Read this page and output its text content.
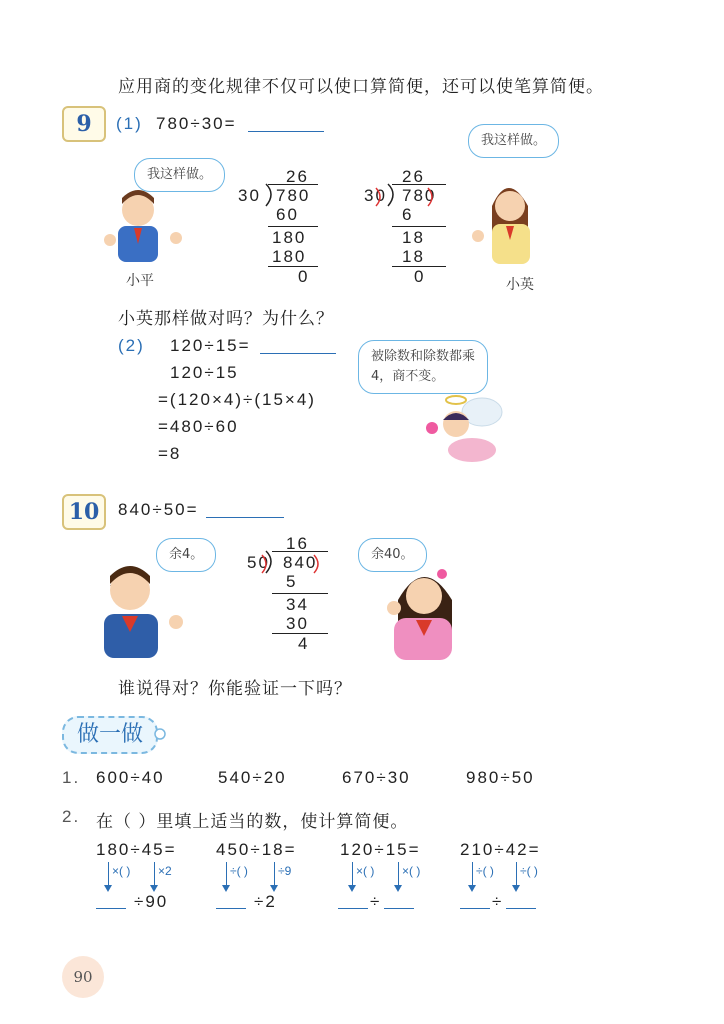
应用商的变化规律不仅可以使口算简便，还可以使笔算简便。
9	(1) 780÷30=
我这样做。
小平
26
30 780
60
180
180
0
26
30 780
6
18
18
0
我这样做。
小英
小英那样做对吗？为什么？
(2) 120÷15=
120÷15
=(120×4)÷(15×4)
=480÷60
=8
被除数和除数都乘
4，商不变。
10	840÷50=
余4。
16
50 840
5
34
30
4
余40。
谁说得对？你能验证一下吗？
做一做
1. 600÷40	540÷20	670÷30	980÷50
2. 在（ ）里填上适当的数，使计算简便。
180÷45=
×( ) ×2
÷90
450÷18=
÷( )	÷9
÷2
120÷15=
×( ) ×( )
÷
210÷42=
÷( ) ÷( )
÷
90
